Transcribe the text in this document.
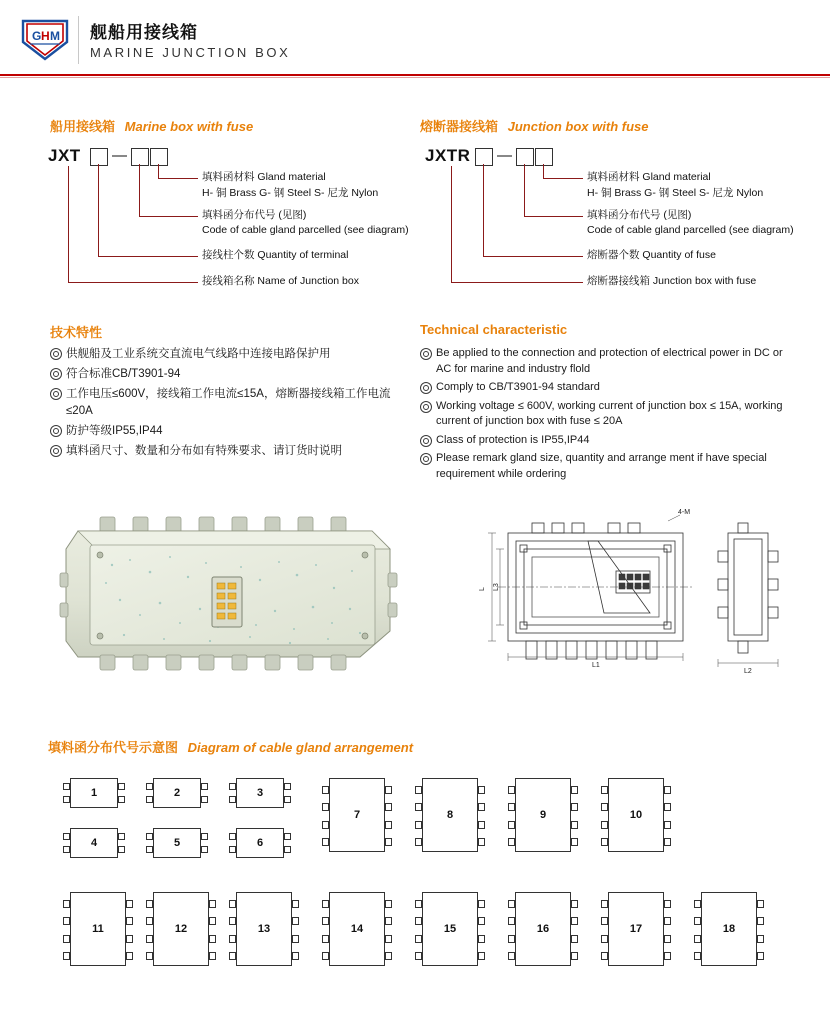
G H M 舰船用接线箱
MARINE JUNCTION BOX
船用接线箱 Marine box with fuse
JXT —
填料函材料 Gland material
H- 铜 Brass G- 钢 Steel S- 尼龙 Nylon
填料函分布代号 (见图)
Code of cable gland parcelled (see diagram)
接线柱个数 Quantity of terminal
接线箱名称 Name of Junction box
熔断器接线箱 Junction box with fuse
JXTR —
填料函材料 Gland material
H- 铜 Brass G- 钢 Steel S- 尼龙 Nylon
填料函分布代号 (见图)
Code of cable gland parcelled (see diagram)
熔断器个数 Quantity of fuse
熔断器接线箱 Junction box with fuse
技术特性
供舰船及工业系统交直流电气线路中连接电路保护用
符合标准CB/T3901-94
工作电压≤600V，接线箱工作电流≤15A，熔断器接线箱工作电流≤20A
防护等级IP55,IP44
填料函尺寸、数量和分布如有特殊要求、请订货时说明
Technical characteristic
Be applied to the connection and protection of electrical power in DC or AC for marine and industry flold
Comply to CB/T3901-94 standard
Working voltage ≤ 600V, working current of junction box ≤ 15A, working current of junction box with fuse ≤ 20A
Class of protection is IP55,IP44
Please remark gland size, quantity and arrange ment if have special requirement while ordering
L L3
L1
L2
4-M
填料函分布代号示意图 Diagram of cable gland arrangement
1	2	3
4	5	6
7	8	9	10
11	12	13	14	15	16	17	18
